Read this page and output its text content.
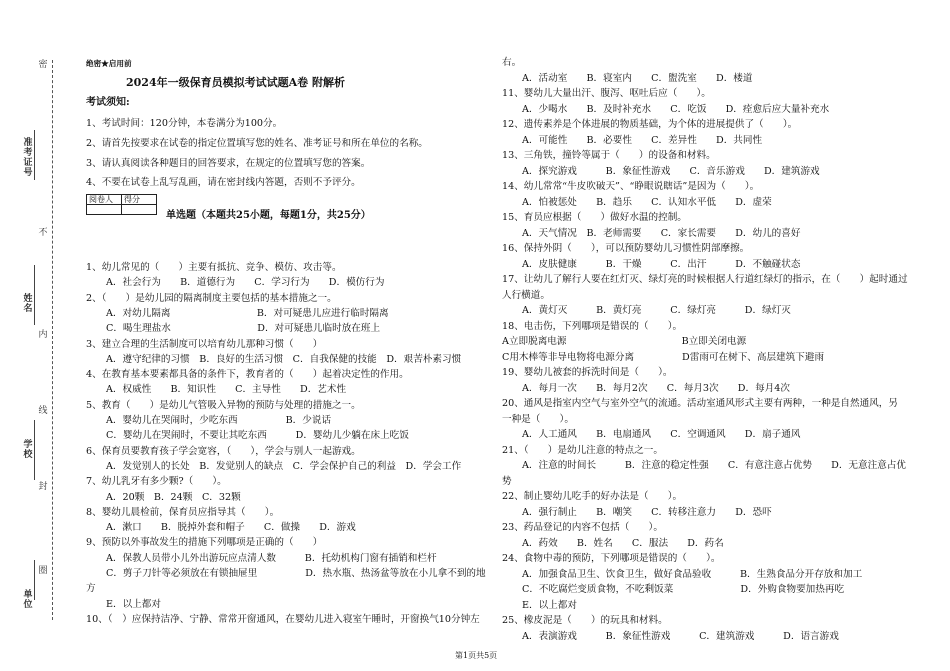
密
不
内
线
封
圈
准考证号
姓名
学校
单位
绝密★启用前
2024年一级保育员模拟考试试题A卷 附解析
考试须知:
1、考试时间：120分钟，本卷满分为100分。
2、请首先按要求在试卷的指定位置填写您的姓名、准考证号和所在单位的名称。
3、请认真阅读各种题目的回答要求，在规定的位置填写您的答案。
4、不要在试卷上乱写乱画，请在密封线内答题，否则不予评分。
阅卷人	得分

单选题（本题共25小题，每题1分，共25分）
1、幼儿常见的（　　）主要有抵抗、竞争、模仿、攻击等。
A．社会行为　　B．道德行为　　C．学习行为　　D．模仿行为
2、（　　）是幼儿园的隔离制度主要包括的基本措施之一。
A．对幼儿隔离　　　　　　　　　B．对可疑患儿应进行临时隔离
C．喝生理盐水　　　　　　　　　D．对可疑患儿临时放在班上
3、建立合理的生活制度可以培育幼儿那种习惯（　　）
A．遵守纪律的习惯　B．良好的生活习惯　C．自我保健的技能　D．艰苦朴素习惯
4、在教育基本要素都具备的条件下，教育者的（　　）起着决定性的作用。
A．权威性　　B．知识性　　C．主导性　　D．艺术性
5、教育（　　）是幼儿气管吸入异物的预防与处理的措施之一。
A．婴幼儿在哭闹时，少吃东西　　　　　B．少说话
C．婴幼儿在哭闹时，不要让其吃东西　　　D．婴幼儿少躺在床上吃饭
6、保育员要教育孩子学会宽容，（　　），学会与别人一起游戏。
A．发觉别人的长处　B．发觉别人的缺点　C．学会保护自己的利益　D．学会工作
7、幼儿乳牙有多少颗?（　　）。
A．20颗　B．24颗　C．32颗
8、婴幼儿晨检前，保育员应指导其（　　）。
A．漱口　　B．脱掉外套和帽子　　C．做操　　D．游戏
9、预防以外事故发生的措施下列哪项是正确的（　　）
A．保教人员带小儿外出游玩应点清人数　　　B．托幼机构门窗有插销和栏杆
C．剪子刀针等必须放在有锁抽屉里　　　　　D．热水瓶、热汤盆等放在小儿拿不到的地
方
E．以上都对
10、（　）应保持洁净、宁静、常常开窗通风，在婴幼儿进入寝室午睡时，开窗换气10分钟左
右。
A．活动室　　B．寝室内　　C．盥洗室　　D．楼道
11、婴幼儿大量出汗、腹泻、呕吐后应（　　）。
A．少喝水　　B．及时补充水　　C．吃饭　　D．痊愈后应大量补充水
12、遗传素养是个体进展的物质基础，为个体的进展提供了（　　）。
A．可能性　　B．必要性　　C．差异性　　D．共同性
13、三角铁，撞铃等属于（　　）的设备和材料。
A．探究游戏　　　B．象征性游戏　　C．音乐游戏　　D．建筑游戏
14、幼儿常常“牛皮吹破天”、“睁眼说瞎话”是因为（　　）。
A．怕被惩处　　B．趋乐　　C．认知水平低　　D．虚荣
15、育员应根据（　　）做好水温的控制。
A．天气情况　B．老师需要　　C．家长需要　　D．幼儿的喜好
16、保持外阴（　　），可以预防婴幼儿习惯性阴部摩擦。
A．皮肤健康　　　B．干燥　　　C．出汗　　　D．不触碰状态
17、让幼儿了解行人要在红灯灭、绿灯亮的时候根据人行道红绿灯的指示，在（　　）起时通过
人行横道。
A．黄灯灭　　　B．黄灯亮　　　C．绿灯亮　　　D．绿灯灭
18、电击伤，下列哪项是错误的（　　）。
A立即脱离电源　　　　　　　　　　　　B立即关闭电源
C用木棒等非导电物将电源分离　　　　　D雷雨可在树下、高层建筑下避雨
19、婴幼儿被套的拆洗时间是（　　）。
A．每月一次　　B．每月2次　　C．每月3次　　D．每月4次
20、通风是指室内空气与室外空气的流通。活动室通风形式主要有两种，一种是自然通风，另
一种是（　　）。
A．人工通风　　B．电扇通风　　C．空调通风　　D．扇子通风
21、（　　）是幼儿注意的特点之一。
A．注意的时间长　　　B．注意的稳定性强　　C．有意注意占优势　　D．无意注意占优
势
22、制止婴幼儿吃手的好办法是（　　）。
A．强行制止　　B．嘲笑　　C．转移注意力　　D．恐吓
23、药品登记的内容不包括（　　）。
A．药效　　B．姓名　　C．服法　　D．药名
24、食物中毒的预防，下列哪项是错误的（　　）。
A．加强食品卫生、饮食卫生，做好食品验收　　　B．生熟食品分开存放和加工
C．不吃腐烂变质食物，不吃剩饭菜　　　　　　　D．外购食物要加热再吃
E．以上都对
25、橡皮泥是（　　）的玩具和材料。
A．表演游戏　　　B．象征性游戏　　　C．建筑游戏　　　D．语言游戏
第1页共5页
